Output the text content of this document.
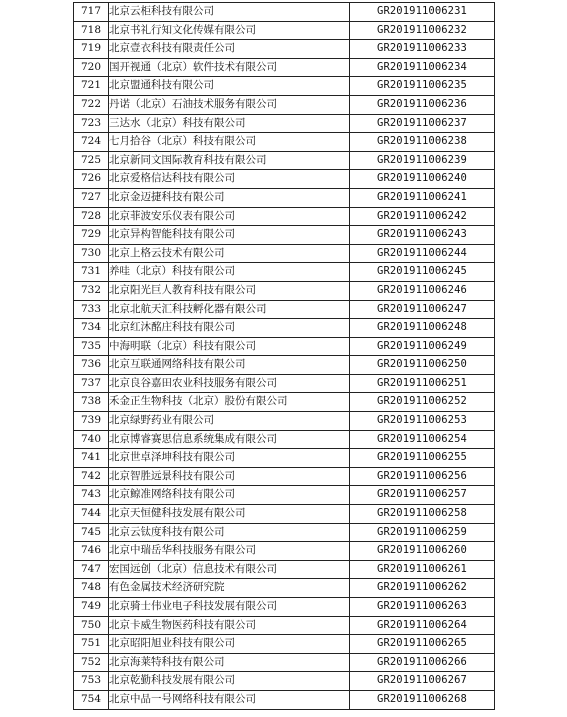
717	北京云柜科技有限公司	GR201911006231
718	北京书礼行知文化传媒有限公司	GR201911006232
719	北京壹衣科技有限责任公司	GR201911006233
720	国开视通（北京）软件技术有限公司	GR201911006234
721	北京盟通科技有限公司	GR201911006235
722	丹诺（北京）石油技术服务有限公司	GR201911006236
723	三达水（北京）科技有限公司	GR201911006237
724	七月拾谷（北京）科技有限公司	GR201911006238
725	北京新同文国际教育科技有限公司	GR201911006239
726	北京爱格信达科技有限公司	GR201911006240
727	北京金迈捷科技有限公司	GR201911006241
728	北京菲波安乐仪表有限公司	GR201911006242
729	北京异构智能科技有限公司	GR201911006243
730	北京上格云技术有限公司	GR201911006244
731	养哇（北京）科技有限公司	GR201911006245
732	北京阳光巨人教育科技有限公司	GR201911006246
733	北京北航天汇科技孵化器有限公司	GR201911006247
734	北京红沐酩庄科技有限公司	GR201911006248
735	中海明联（北京）科技有限公司	GR201911006249
736	北京互联通网络科技有限公司	GR201911006250
737	北京良谷嘉田农业科技服务有限公司	GR201911006251
738	禾金正生物科技（北京）股份有限公司	GR201911006252
739	北京绿野药业有限公司	GR201911006253
740	北京博睿赛思信息系统集成有限公司	GR201911006254
741	北京世卓泽坤科技有限公司	GR201911006255
742	北京智胜远景科技有限公司	GR201911006256
743	北京鲸准网络科技有限公司	GR201911006257
744	北京天恒健科技发展有限公司	GR201911006258
745	北京云钛度科技有限公司	GR201911006259
746	北京中瑞岳华科技服务有限公司	GR201911006260
747	宏国远创（北京）信息技术有限公司	GR201911006261
748	有色金属技术经济研究院	GR201911006262
749	北京骑士伟业电子科技发展有限公司	GR201911006263
750	北京卡威生物医药科技有限公司	GR201911006264
751	北京昭阳旭业科技有限公司	GR201911006265
752	北京海莱特科技有限公司	GR201911006266
753	北京乾勤科技发展有限公司	GR201911006267
754	北京中品一号网络科技有限公司	GR201911006268
